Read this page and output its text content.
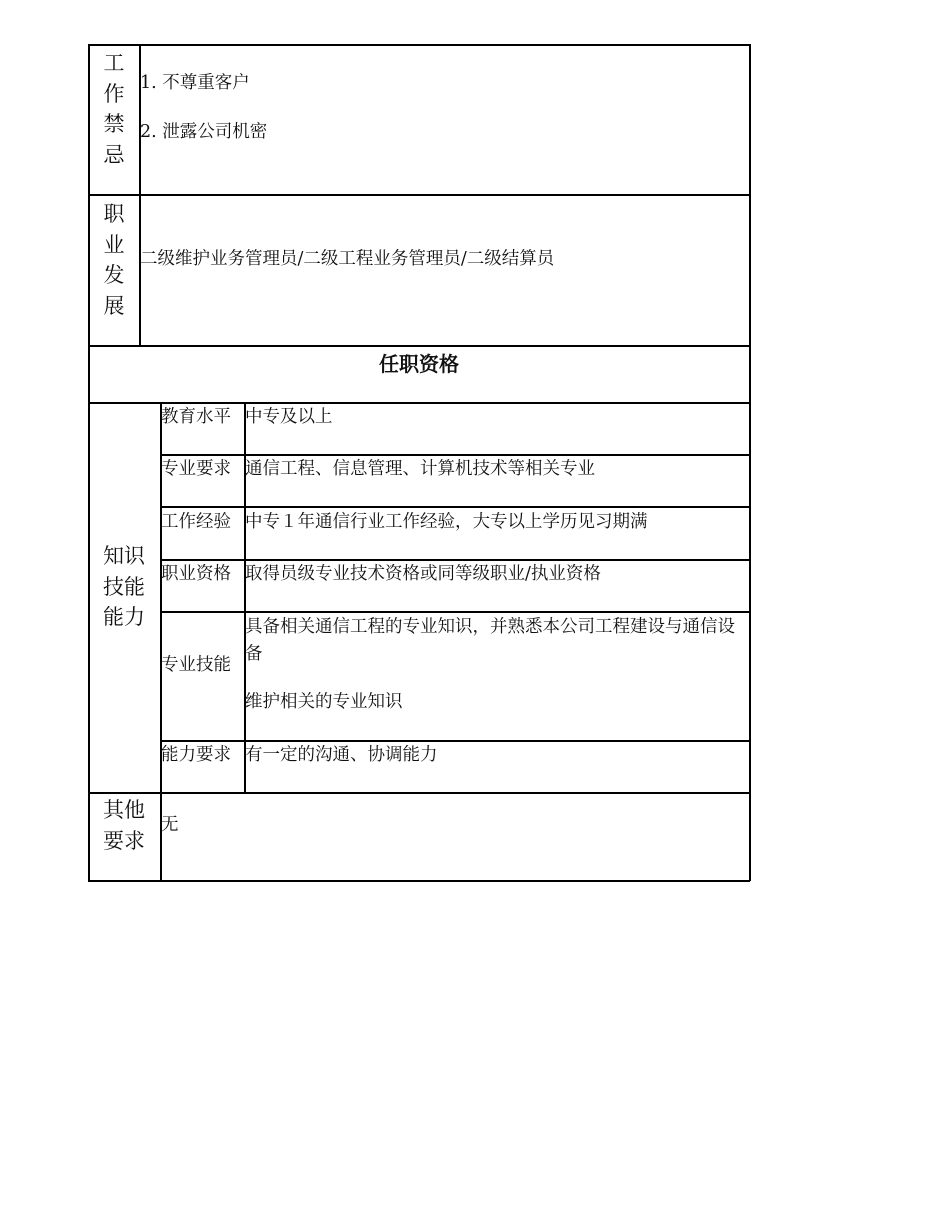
工
作
禁
忌
1. 不尊重客户
2. 泄露公司机密
职
业
发
展
二级维护业务管理员/二级工程业务管理员/二级结算员
任职资格
知识
技能
能力
教育水平 中专及以上
专业要求 通信工程、信息管理、计算机技术等相关专业
工作经验 中专１年通信行业工作经验，大专以上学历见习期满
职业资格 取得员级专业技术资格或同等级职业/执业资格
专业技能
具备相关通信工程的专业知识，并熟悉本公司工程建设与通信设备
维护相关的专业知识
能力要求 有一定的沟通、协调能力
其他
要求
无
